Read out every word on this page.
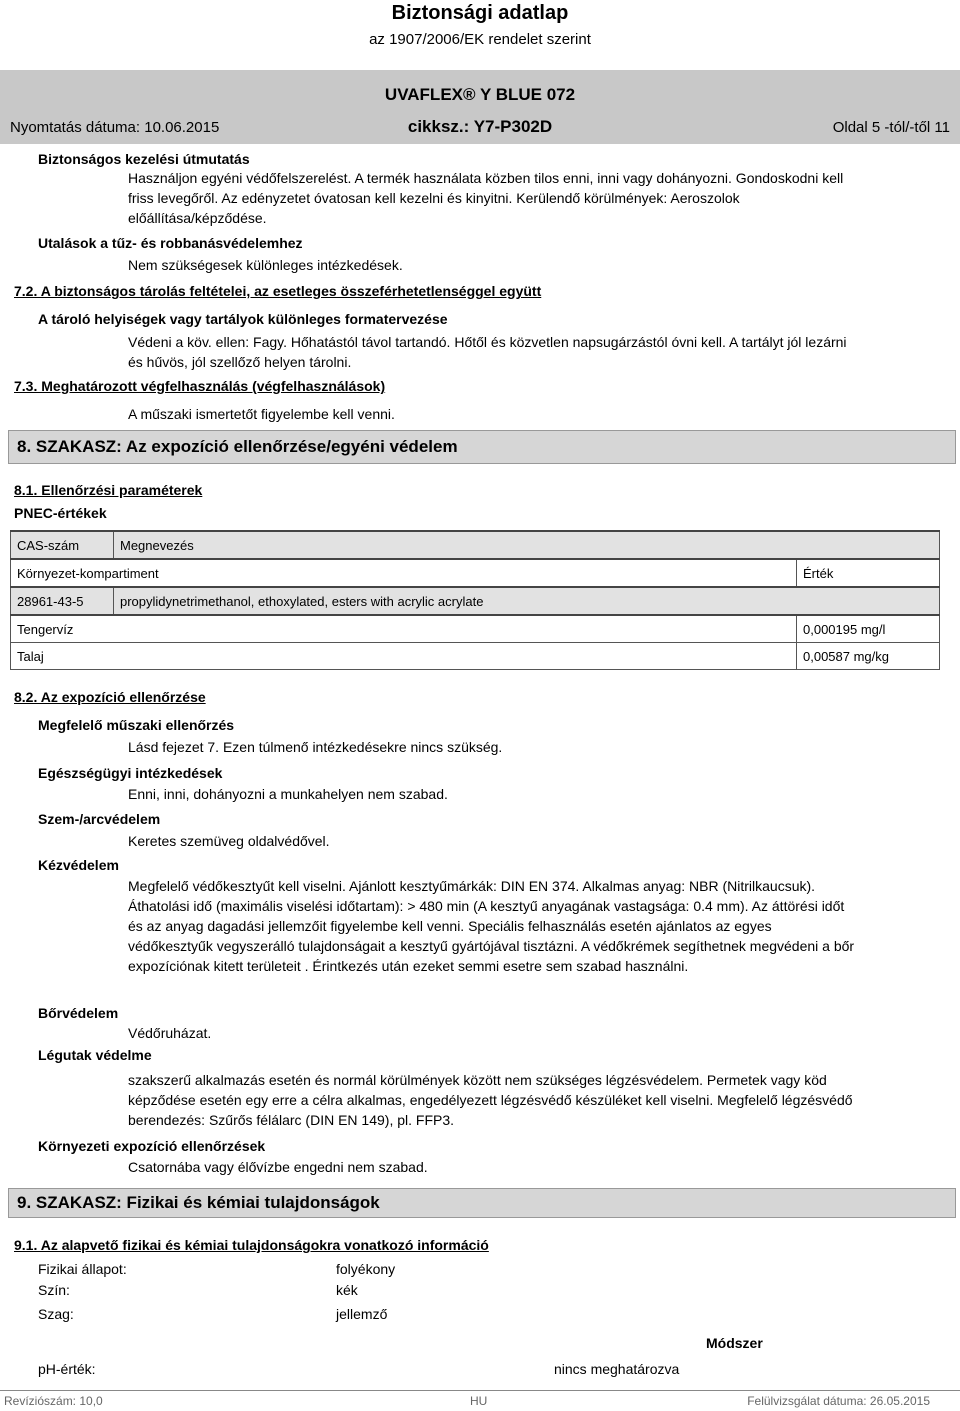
Biztonsági adatlap
az 1907/2006/EK rendelet szerint
UVAFLEX® Y BLUE 072
Nyomtatás dátuma: 10.06.2015	cikksz.: Y7-P302D	Oldal 5 -tól/-től 11
Biztonságos kezelési útmutatás
Használjon egyéni védőfelszerelést. A termék használata közben tilos enni, inni vagy dohányozni. Gondoskodni kell friss levegőről. Az edényzetet óvatosan kell kezelni és kinyitni. Kerülendő körülmények: Aeroszolok előállítása/képződése.
Utalások a tűz- és robbanásvédelemhez
Nem szükségesek különleges intézkedések.
7.2. A biztonságos tárolás feltételei, az esetleges összeférhetetlenséggel együtt
A tároló helyiségek vagy tartályok különleges formatervezése
Védeni a köv. ellen: Fagy. Hőhatástól távol tartandó. Hőtől és közvetlen napsugárzástól óvni kell. A tartályt jól lezárni és hűvös, jól szellőző helyen tárolni.
7.3. Meghatározott végfelhasználás (végfelhasználások)
A műszaki ismertetőt figyelembe kell venni.
8. SZAKASZ: Az expozíció ellenőrzése/egyéni védelem
8.1. Ellenőrzési paraméterek
PNEC-értékek
CAS-szám	Megnevezés	
Környezet-kompartiment		Érték
28961-43-5	propylidynetrimethanol, ethoxylated, esters with acrylic acrylate	
Tengervíz		0,000195 mg/l
Talaj		0,00587 mg/kg
8.2. Az expozíció ellenőrzése
Megfelelő műszaki ellenőrzés
Lásd fejezet 7. Ezen túlmenő intézkedésekre nincs szükség.
Egészségügyi intézkedések
Enni, inni, dohányozni a munkahelyen nem szabad.
Szem-/arcvédelem
Keretes szemüveg oldalvédővel.
Kézvédelem
Megfelelő védőkesztyűt kell viselni. Ajánlott kesztyűmárkák: DIN EN 374. Alkalmas anyag: NBR (Nitrilkaucsuk). Áthatolási idő (maximális viselési időtartam): > 480 min (A kesztyű anyagának vastagsága: 0.4 mm). Az áttörési időt és az anyag dagadási jellemzőit figyelembe kell venni. Speciális felhasználás esetén ajánlatos az egyes védőkesztyűk vegyszerálló tulajdonságait a kesztyű gyártójával tisztázni. A védőkrémek segíthetnek megvédeni a bőr expozíciónak kitett területeit . Érintkezés után ezeket semmi esetre sem szabad használni.
Bőrvédelem
Védőruházat.
Légutak védelme
szakszerű alkalmazás esetén és normál körülmények között nem szükséges légzésvédelem. Permetek vagy köd képződése esetén egy erre a célra alkalmas, engedélyezett légzésvédő készüléket kell viselni. Megfelelő légzésvédő berendezés: Szűrős félálarc (DIN EN 149), pl. FFP3.
Környezeti expozíció ellenőrzések
Csatornába vagy élővízbe engedni nem szabad.
9. SZAKASZ: Fizikai és kémiai tulajdonságok
9.1. Az alapvető fizikai és kémiai tulajdonságokra vonatkozó információ
Fizikai állapot:	folyékony
Szín:	kék
Szag:	jellemző
Módszer
pH-érték:	nincs meghatározva
Revíziószám: 10,0	HU	Felülvizsgálat dátuma: 26.05.2015
